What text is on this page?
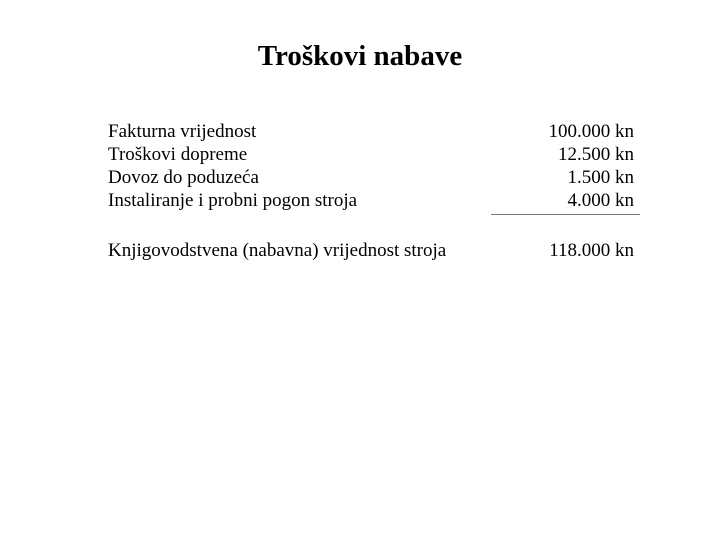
Troškovi nabave
Fakturna vrijednost	100.000 kn
Troškovi dopreme	12.500 kn
Dovoz do poduzeća	1.500 kn
Instaliranje i probni pogon stroja	4.000 kn
Knjigovodstvena (nabavna) vrijednost stroja	118.000 kn
